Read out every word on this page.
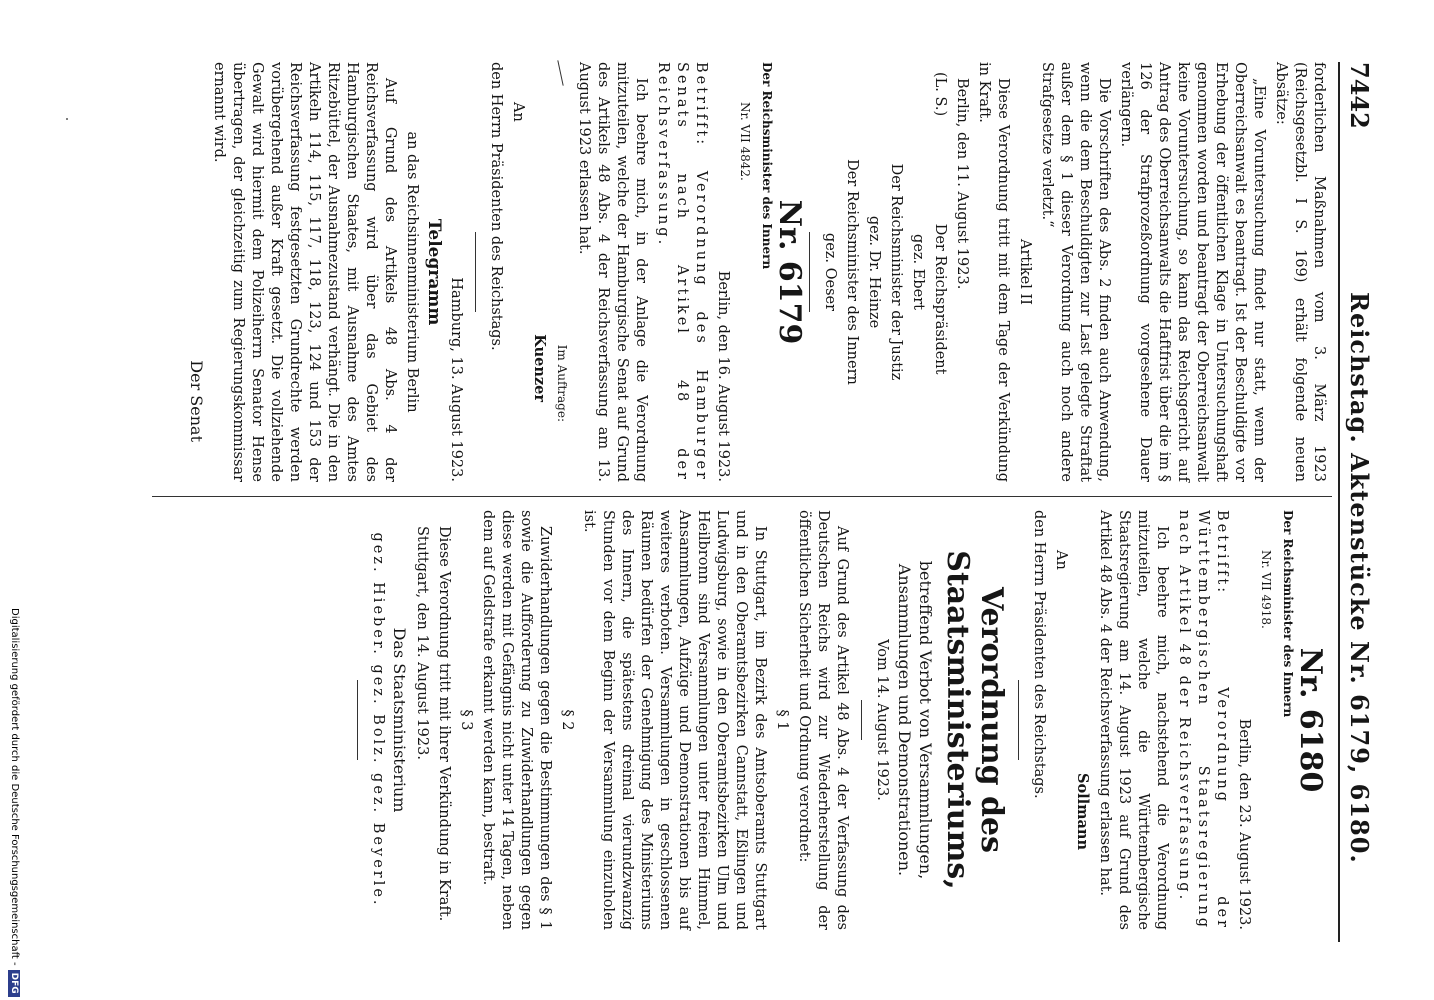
7442
Reichstag. Aktenstücke Nr. 6179, 6180.

forderlichen Maßnahmen vom 3. März 1923 (Reichsgesetzbl. I S. 169) erhält folgende neuen Absätze:

„Eine Voruntersuchung findet nur statt, wenn der Oberreichsanwalt es beantragt. Ist der Beschuldigte vor Erhebung der öffentlichen Klage in Untersuchungshaft genommen worden und beantragt der Oberreichsanwalt keine Voruntersuchung, so kann das Reichsgericht auf Antrag des Oberreichsanwalts die Haftfrist über die im § 126 der Strafprozeßordnung vorgesehene Dauer verlängern.

Die Vorschriften des Abs. 2 finden auch Anwendung, wenn die dem Beschuldigten zur Last gelegte Straftat außer dem § 1 dieser Verordnung auch noch andere Strafgesetze verletzt.“

Artikel II

Diese Verordnung tritt mit dem Tage der Verkündung in Kraft.

Berlin, den 11. August 1923.

(L. S.)
Der Reichspräsident

gez. Ebert

Der Reichsminister der Justiz

gez. Dr. Heinze

Der Reichsminister des Innern

gez. Oeser

Nr. 6179

Der Reichsminister des Innern

Nr. VII 4842.

Berlin, den 16. August 1923.

Betrifft: Verordnung des Hamburger Senats nach Artikel 48 der Reichsverfassung.

Ich beehre mich, in der Anlage die Verordnung mitzuteilen, welche der Hamburgische Senat auf Grund des Artikels 48 Abs. 4 der Reichsverfassung am 13. August 1923 erlassen hat.

Im Auftrage:

Kuenzer

An

den Herrn Präsidenten des Reichstags.

Hamburg, 13. August 1923.

Telegramm

an das Reichsinnenministerium Berlin

Auf Grund des Artikels 48 Abs. 4 der Reichsverfassung wird über das Gebiet des Hamburgischen Staates, mit Ausnahme des Amtes Ritzebüttel, der Ausnahmezustand verhängt. Die in den Artikeln 114, 115, 117, 118, 123, 124 und 153 der Reichsverfassung festgesetzten Grundrechte werden vorübergehend außer Kraft gesetzt. Die vollziehende Gewalt wird hiermit dem Polizeiherrn Senator Hense übertragen, der gleichzeitig zum Regierungskommissar ernannt wird.

Der Senat

Nr. 6180

Der Reichsminister des Innern

Nr. VII 4918.

Berlin, den 23. August 1923.

Betrifft: Verordnung der Württembergischen Staatsregierung nach Artikel 48 der Reichsverfassung.

Ich beehre mich, nachstehend die Verordnung mitzuteilen, welche die Württembergische Staatsregierung am 14. August 1923 auf Grund des Artikel 48 Abs. 4 der Reichsverfassung erlassen hat.

Sollmann

An

den Herrn Präsidenten des Reichstags.

Verordnung des Staatsministeriums,

betreffend Verbot von Versammlungen, Ansammlungen und Demonstrationen.

Vom 14. August 1923.

Auf Grund des Artikel 48 Abs. 4 der Verfassung des Deutschen Reichs wird zur Wiederherstellung der öffentlichen Sicherheit und Ordnung verordnet:

§ 1

In Stuttgart, im Bezirk des Amtsoberamts Stuttgart und in den Oberamtsbezirken Cannstatt, Eßlingen und Ludwigsburg, sowie in den Oberamtsbezirken Ulm und Heilbronn sind Versammlungen unter freiem Himmel, Ansammlungen, Aufzüge und Demonstrationen bis auf weiteres verboten. Versammlungen in geschlossenen Räumen bedürfen der Genehmigung des Ministeriums des Innern, die spätestens dreimal vierundzwanzig Stunden vor dem Beginn der Versammlung einzuholen ist.

§ 2

Zuwiderhandlungen gegen die Bestimmungen des § 1 sowie die Aufforderung zu Zuwiderhandlungen gegen diese werden mit Gefängnis nicht unter 14 Tagen, neben dem auf Geldstrafe erkannt werden kann, bestraft.

§ 3

Diese Verordnung tritt mit ihrer Verkündung in Kraft.

Stuttgart, den 14. August 1923.

Das Staatsministerium

gez. Hieber. gez. Bolz. gez. Beyerle.

Digitalisierung gefördert durch die Deutsche Forschungsgemeinschaft -DFG
